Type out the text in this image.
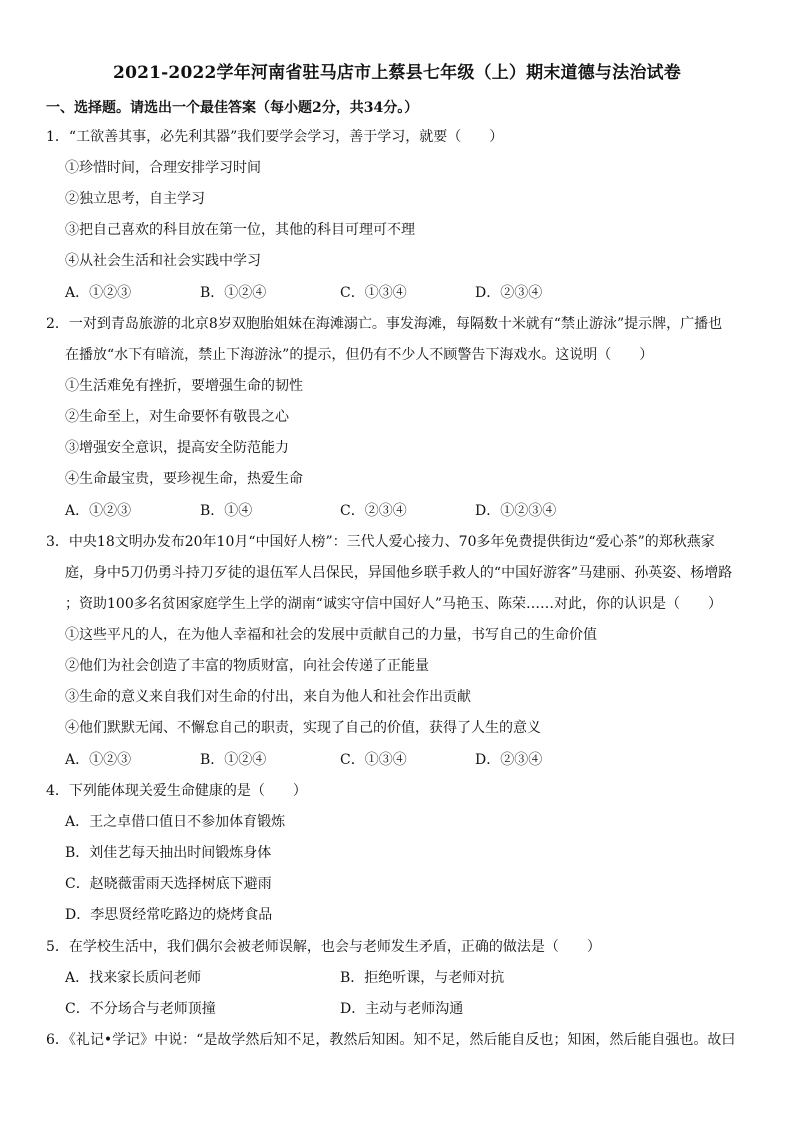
2021-2022学年河南省驻马店市上蔡县七年级（上）期末道德与法治试卷
一、选择题。请选出一个最佳答案（每小题2分，共34分。）
1．“工欲善其事，必先利其器”我们要学会学习，善于学习，就要（　　）
①珍惜时间，合理安排学习时间
②独立思考，自主学习
③把自己喜欢的科目放在第一位，其他的科目可理可不理
④从社会生活和社会实践中学习
A．①②③	B．①②④	C．①③④	D．②③④
2．一对到青岛旅游的北京8岁双胞胎姐妹在海滩溺亡。事发海滩，每隔数十米就有“禁止游泳”提示牌，广播也
在播放“水下有暗流，禁止下海游泳”的提示，但仍有不少人不顾警告下海戏水。这说明（　　）
①生活难免有挫折，要增强生命的韧性
②生命至上，对生命要怀有敬畏之心
③增强安全意识，提高安全防范能力
④生命最宝贵，要珍视生命，热爱生命
A．①②③	B．①④	C．②③④	D．①②③④
3．中央18文明办发布20年10月“中国好人榜”：三代人爱心接力、70多年免费提供街边“爱心茶”的郑秋燕家
庭，身中5刀仍勇斗持刀歹徒的退伍军人吕保民，异国他乡联手救人的“中国好游客”马建丽、孙英姿、杨增路
；资助100多名贫困家庭学生上学的湖南“诚实守信中国好人”马艳玉、陈荣……对此，你的认识是（　　）
①这些平凡的人，在为他人幸福和社会的发展中贡献自己的力量，书写自己的生命价值
②他们为社会创造了丰富的物质财富，向社会传递了正能量
③生命的意义来自我们对生命的付出，来自为他人和社会作出贡献
④他们默默无闻、不懈怠自己的职责，实现了自己的价值，获得了人生的意义
A．①②③	B．①②④	C．①③④	D．②③④
4．下列能体现关爱生命健康的是（　　）
A．王之卓借口值日不参加体育锻炼
B．刘佳艺每天抽出时间锻炼身体
C．赵晓薇雷雨天选择树底下避雨
D．李思贤经常吃路边的烧烤食品
5．在学校生活中，我们偶尔会被老师误解，也会与老师发生矛盾，正确的做法是（　　）
A．找来家长质问老师	B．拒绝听课，与老师对抗
C．不分场合与老师顶撞	D．主动与老师沟通
6．《礼记•学记》中说：“是故学然后知不足，教然后知困。知不足，然后能自反也；知困，然后能自强也。故曰
